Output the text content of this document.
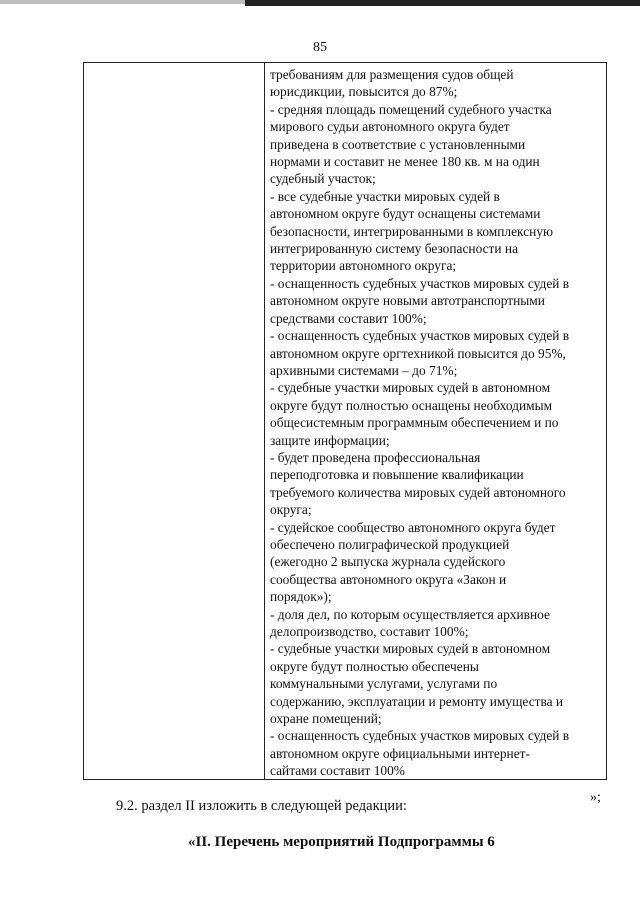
85
требованиям для размещения судов общей
юрисдикции, повысится до 87%;
- средняя площадь помещений судебного участка
мирового судьи автономного округа будет
приведена в соответствие с установленными
нормами и составит не менее 180 кв. м на один
судебный участок;
- все судебные участки мировых судей в
автономном округе будут оснащены системами
безопасности, интегрированными в комплексную
интегрированную систему безопасности на
территории автономного округа;
- оснащенность судебных участков мировых судей в
автономном округе новыми автотранспортными
средствами составит 100%;
- оснащенность судебных участков мировых судей в
автономном округе оргтехникой повысится до 95%,
архивными системами – до 71%;
- судебные участки мировых судей в автономном
округе будут полностью оснащены необходимым
общесистемным программным обеспечением и по
защите информации;
- будет проведена профессиональная
переподготовка и повышение квалификации
требуемого количества мировых судей автономного
округа;
- судейское сообщество автономного округа будет
обеспечено полиграфической продукцией
(ежегодно 2 выпуска журнала судейского
сообщества автономного округа «Закон и
порядок»);
- доля дел, по которым осуществляется архивное
делопроизводство, составит 100%;
- судебные участки мировых судей в автономном
округе будут полностью обеспечены
коммунальными услугами, услугами по
содержанию, эксплуатации и ремонту имущества и
охране помещений;
- оснащенность судебных участков мировых судей в
автономном округе официальными интернет-
сайтами составит 100%
»;
9.2. раздел II изложить в следующей редакции:
«II. Перечень мероприятий Подпрограммы 6
